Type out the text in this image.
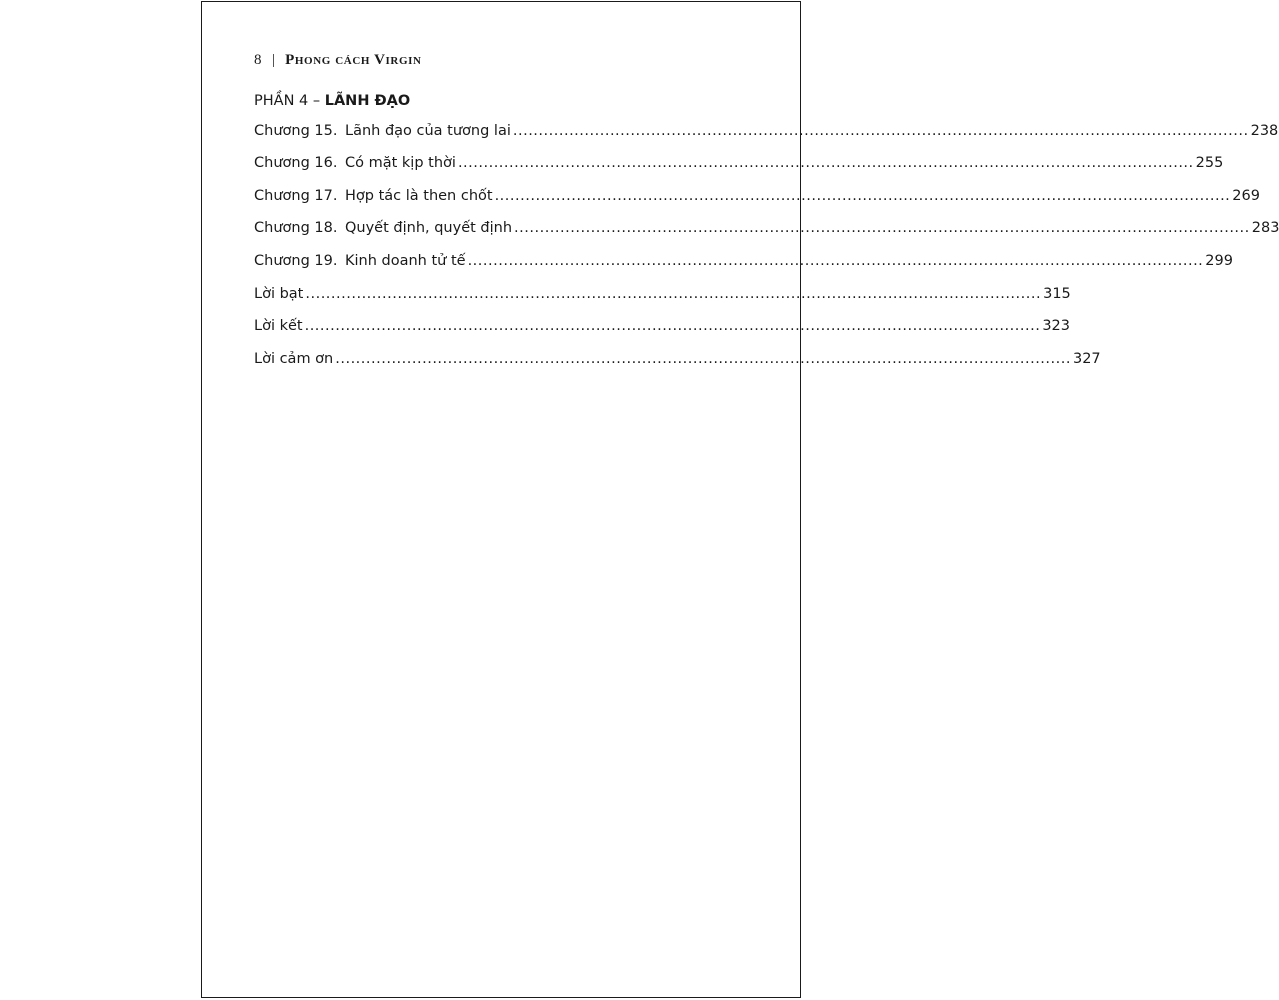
8 | Phong cách Virgin
PHẦN 4 – LÃNH ĐẠO
Chương 15. Lãnh đạo của tương lai ................................................................................................................................................ 238
Chương 16. Có mặt kịp thời ................................................................................................................................................ 255
Chương 17. Hợp tác là then chốt ................................................................................................................................................ 269
Chương 18. Quyết định, quyết định ................................................................................................................................................ 283
Chương 19. Kinh doanh tử tế ................................................................................................................................................ 299
Lời bạt ................................................................................................................................................ 315
Lời kết ................................................................................................................................................ 323
Lời cảm ơn ................................................................................................................................................ 327
